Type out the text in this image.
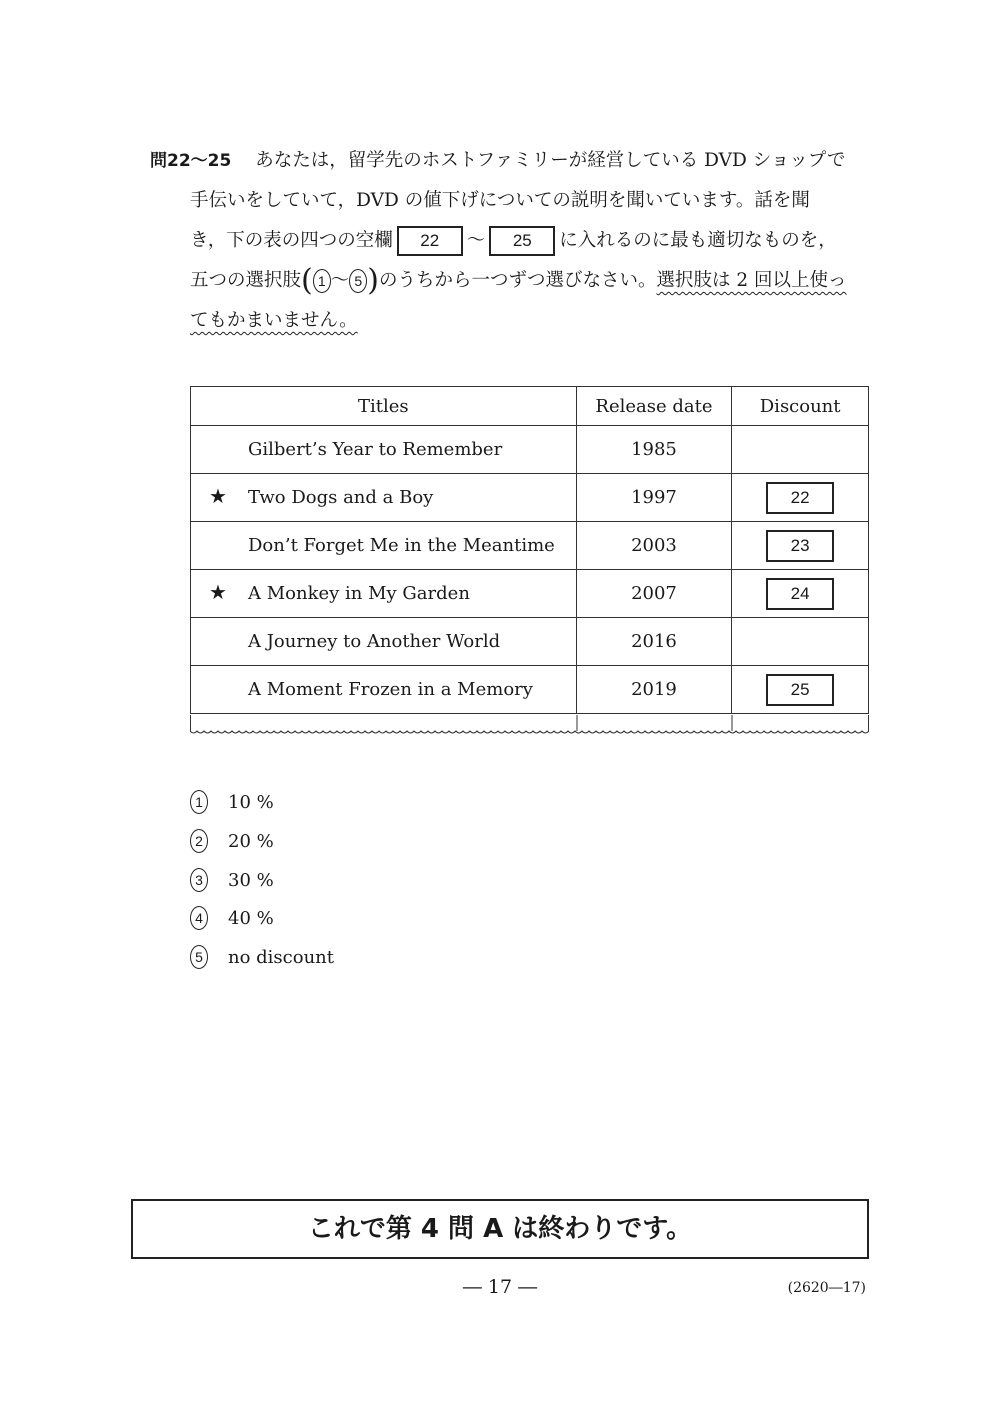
問22～25 あなたは，留学先のホストファミリーが経営している DVD ショップで
手伝いをしていて，DVD の値下げについての説明を聞いています。話を聞
き，下の表の四つの空欄 22 ～ 25 に入れるのに最も適切なものを，
五つの選択肢( 1 ～ 5 )のうちから一つずつ選びなさい。選択肢は 2 回以上使っ
てもかまいません。
Titles	Release date	Discount
Gilbert’s Year to Remember	1985	

★ Two Dogs and a Boy	1997	22
Don’t Forget Me in the Meantime	2003	23

★ A Monkey in My Garden	2007	24
A Journey to Another World	2016	
A Moment Frozen in a Memory	2019	25
1 10 %
2 20 %
3 30 %
4 40 %
5 no discount
これで第 4 問 A は終わりです。
― 17 ―	(2620―17)
